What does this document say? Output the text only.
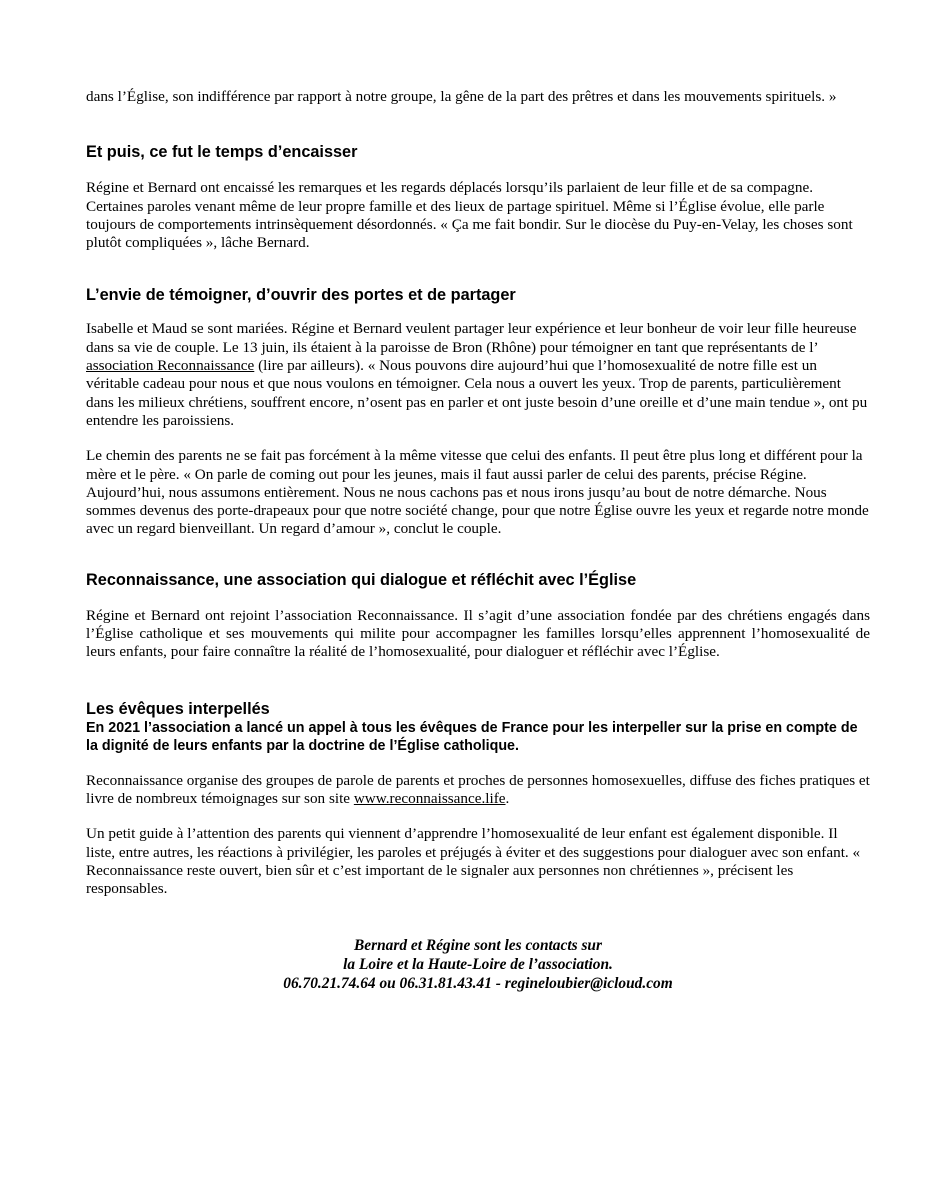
dans l’Église, son indifférence par rapport à notre groupe, la gêne de la part des prêtres et dans les mouvements spirituels. »

Et puis, ce fut le temps d’encaisser

Régine et Bernard ont encaissé les remarques et les regards déplacés lorsqu’ils parlaient de leur fille et de sa compagne. Certaines paroles venant même de leur propre famille et des lieux de partage spirituel. Même si l’Église évolue, elle parle toujours de comportements intrinsèquement désordonnés. « Ça me fait bondir. Sur le diocèse du Puy-en-Velay, les choses sont plutôt compliquées », lâche Bernard.

L’envie de témoigner, d’ouvrir des portes et de partager

Isabelle et Maud se sont mariées. Régine et Bernard veulent partager leur expérience et leur bonheur de voir leur fille heureuse dans sa vie de couple. Le 13 juin, ils étaient à la paroisse de Bron (Rhône) pour témoigner en tant que représentants de l’ association Reconnaissance (lire par ailleurs). « Nous pouvons dire aujourd’hui que l’homosexualité de notre fille est un véritable cadeau pour nous et que nous voulons en témoigner. Cela nous a ouvert les yeux. Trop de parents, particulièrement dans les milieux chrétiens, souffrent encore, n’osent pas en parler et ont juste besoin d’une oreille et d’une main tendue », ont pu entendre les paroissiens.

Le chemin des parents ne se fait pas forcément à la même vitesse que celui des enfants. Il peut être plus long et différent pour la mère et le père. « On parle de coming out pour les jeunes, mais il faut aussi parler de celui des parents, précise Régine. Aujourd’hui, nous assumons entièrement. Nous ne nous cachons pas et nous irons jusqu’au bout de notre démarche. Nous sommes devenus des porte-drapeaux pour que notre société change, pour que notre Église ouvre les yeux et regarde notre monde avec un regard bienveillant. Un regard d’amour », conclut le couple.

Reconnaissance, une association qui dialogue et réfléchit avec l’Église

Régine et Bernard ont rejoint l’association Reconnaissance. Il s’agit d’une association fondée par des chrétiens engagés dans l’Église catholique et ses mouvements qui milite pour accompagner les familles lorsqu’elles apprennent l’homosexualité de leurs enfants, pour faire connaître la réalité de l’homosexualité, pour dialoguer et réfléchir avec l’Église.

Les évêques interpellés

En 2021 l’association a lancé un appel à tous les évêques de France pour les interpeller sur la prise en compte de la dignité de leurs enfants par la doctrine de l’Église catholique.

Reconnaissance organise des groupes de parole de parents et proches de personnes homosexuelles, diffuse des fiches pratiques et livre de nombreux témoignages sur son site www.reconnaissance.life.

Un petit guide à l’attention des parents qui viennent d’apprendre l’homosexualité de leur enfant est également disponible. Il liste, entre autres, les réactions à privilégier, les paroles et préjugés à éviter et des suggestions pour dialoguer avec son enfant. « Reconnaissance reste ouvert, bien sûr et c’est important de le signaler aux personnes non chrétiennes », précisent les responsables.

Bernard et Régine sont les contacts sur

la Loire et la Haute-Loire de l’association.

06.70.21.74.64 ou 06.31.81.43.41 - regineloubier@icloud.com
